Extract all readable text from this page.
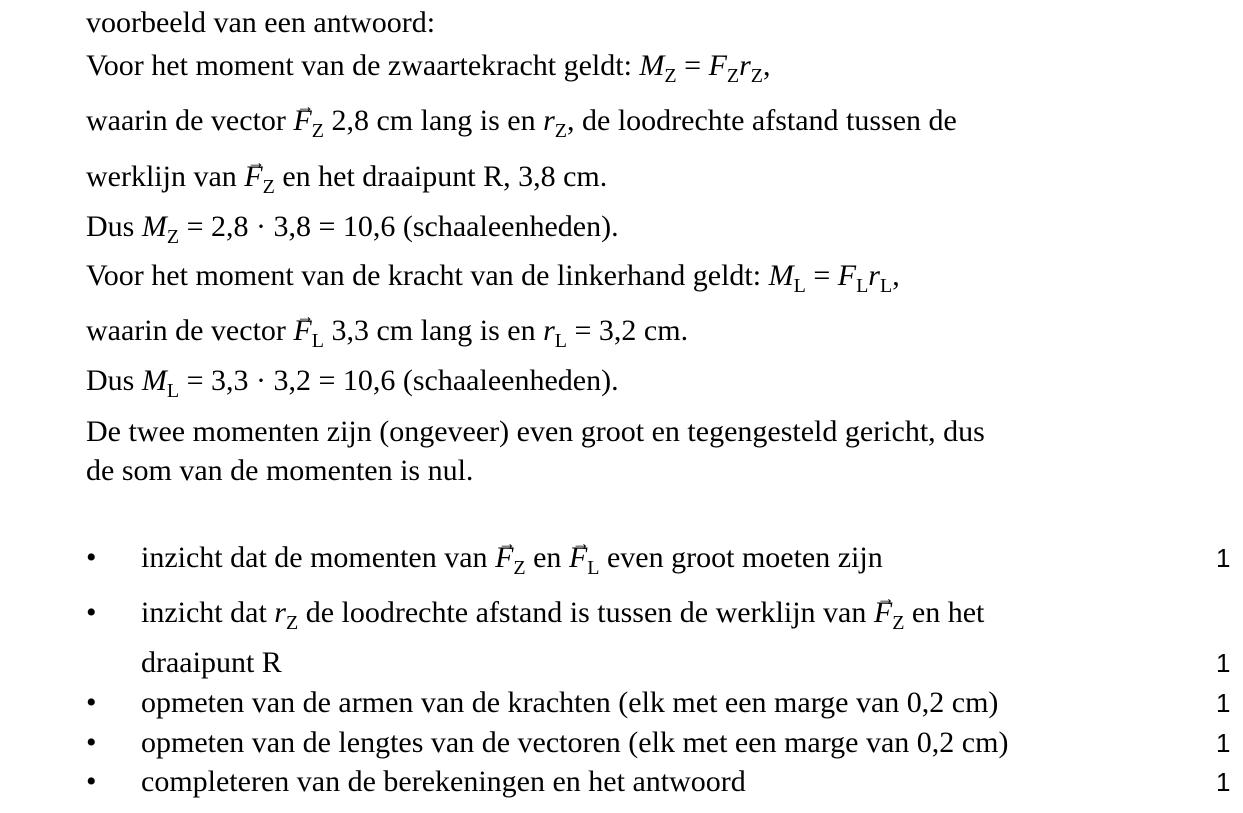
voorbeeld van een antwoord:
Voor het moment van de zwaartekracht geldt: $M_Z = F_Zr_Z$,
waarin de vector → $F_Z$ 2,8 cm lang is en $r_Z$, de loodrechte afstand tussen de
werklijn van → $F_Z$ en het draaipunt R, 3,8 cm.
Dus $M_Z = 2,8 \cdot 3,8 = 10,6$ (schaaleenheden).
Voor het moment van de kracht van de linkerhand geldt: $M_L = F_Lr_L$,
waarin de vector → $F_L$ 3,3 cm lang is en $r_L = 3,2$ cm.
Dus $M_L = 3,3 \cdot 3,2 = 10,6$ (schaaleenheden).
De twee momenten zijn (ongeveer) even groot en tegengesteld gericht, dus
de som van de momenten is nul.
• inzicht dat de momenten van → $F_Z$ en → $F_L$ even groot moeten zijn	1
• inzicht dat $r_Z$ de loodrechte afstand is tussen de werklijn van → $F_Z$ en het
draaipunt R	1
• opmeten van de armen van de krachten (elk met een marge van 0,2 cm)	1
• opmeten van de lengtes van de vectoren (elk met een marge van 0,2 cm)	1
• completeren van de berekeningen en het antwoord	1
